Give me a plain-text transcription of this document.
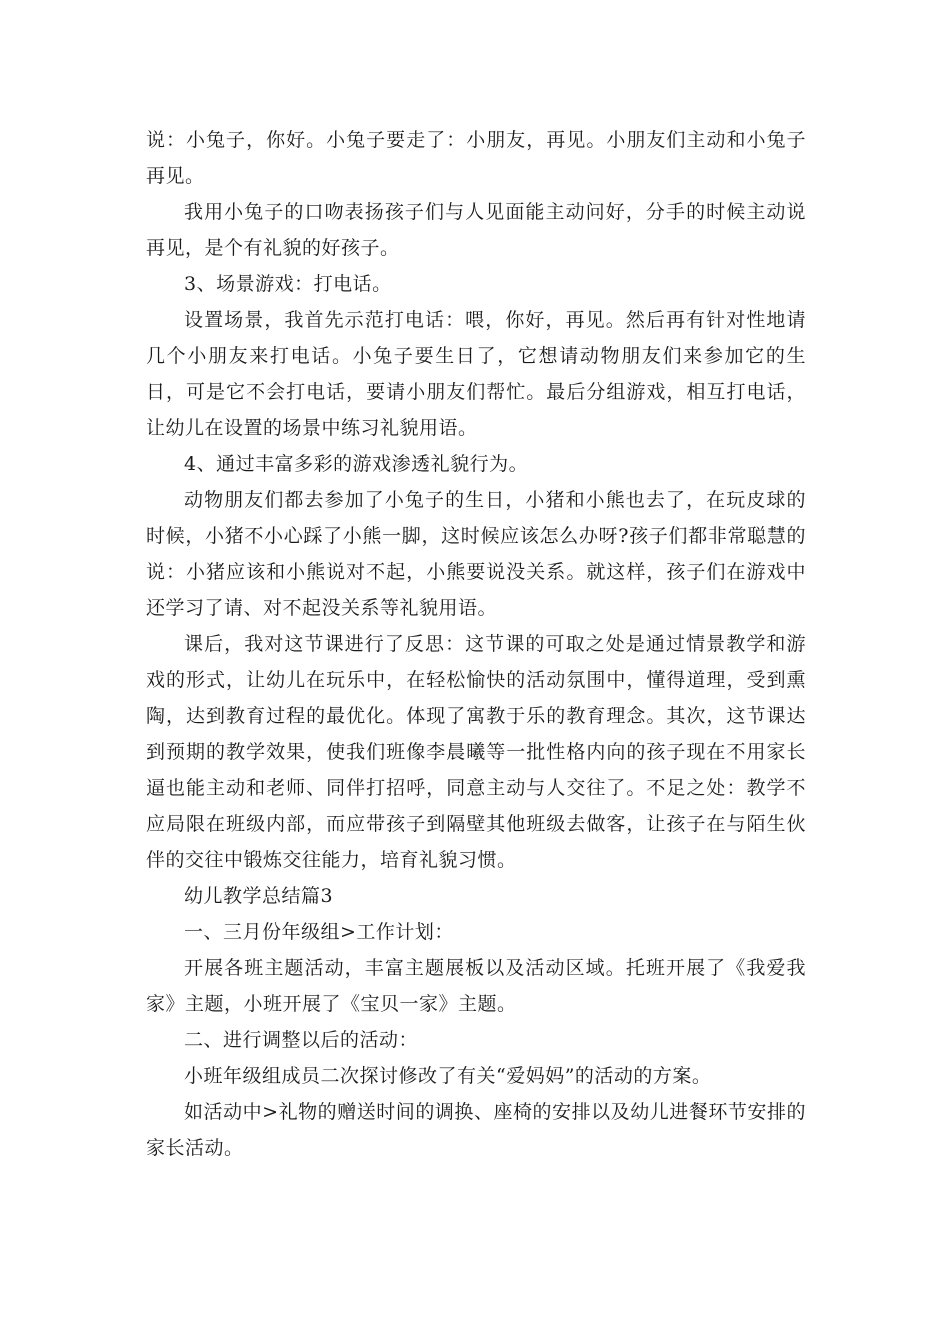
说：小兔子，你好。小兔子要走了：小朋友，再见。小朋友们主动和小兔子再见。

我用小兔子的口吻表扬孩子们与人见面能主动问好，分手的时候主动说再见，是个有礼貌的好孩子。

3、场景游戏：打电话。

设置场景，我首先示范打电话：喂，你好，再见。然后再有针对性地请几个小朋友来打电话。小兔子要生日了，它想请动物朋友们来参加它的生日，可是它不会打电话，要请小朋友们帮忙。最后分组游戏，相互打电话，让幼儿在设置的场景中练习礼貌用语。

4、通过丰富多彩的游戏渗透礼貌行为。

动物朋友们都去参加了小兔子的生日，小猪和小熊也去了，在玩皮球的时候，小猪不小心踩了小熊一脚，这时候应该怎么办呀?孩子们都非常聪慧的说：小猪应该和小熊说对不起，小熊要说没关系。就这样，孩子们在游戏中还学习了请、对不起没关系等礼貌用语。

课后，我对这节课进行了反思：这节课的可取之处是通过情景教学和游戏的形式，让幼儿在玩乐中，在轻松愉快的活动氛围中，懂得道理，受到熏陶，达到教育过程的最优化。体现了寓教于乐的教育理念。其次，这节课达到预期的教学效果，使我们班像李晨曦等一批性格内向的孩子现在不用家长逼也能主动和老师、同伴打招呼，同意主动与人交往了。不足之处：教学不应局限在班级内部，而应带孩子到隔壁其他班级去做客，让孩子在与陌生伙伴的交往中锻炼交往能力，培育礼貌习惯。

幼儿教学总结篇3

一、三月份年级组>工作计划：

开展各班主题活动，丰富主题展板以及活动区域。托班开展了《我爱我家》主题，小班开展了《宝贝一家》主题。

二、进行调整以后的活动：

小班年级组成员二次探讨修改了有关“爱妈妈”的活动的方案。

如活动中>礼物的赠送时间的调换、座椅的安排以及幼儿进餐环节安排的家长活动。
